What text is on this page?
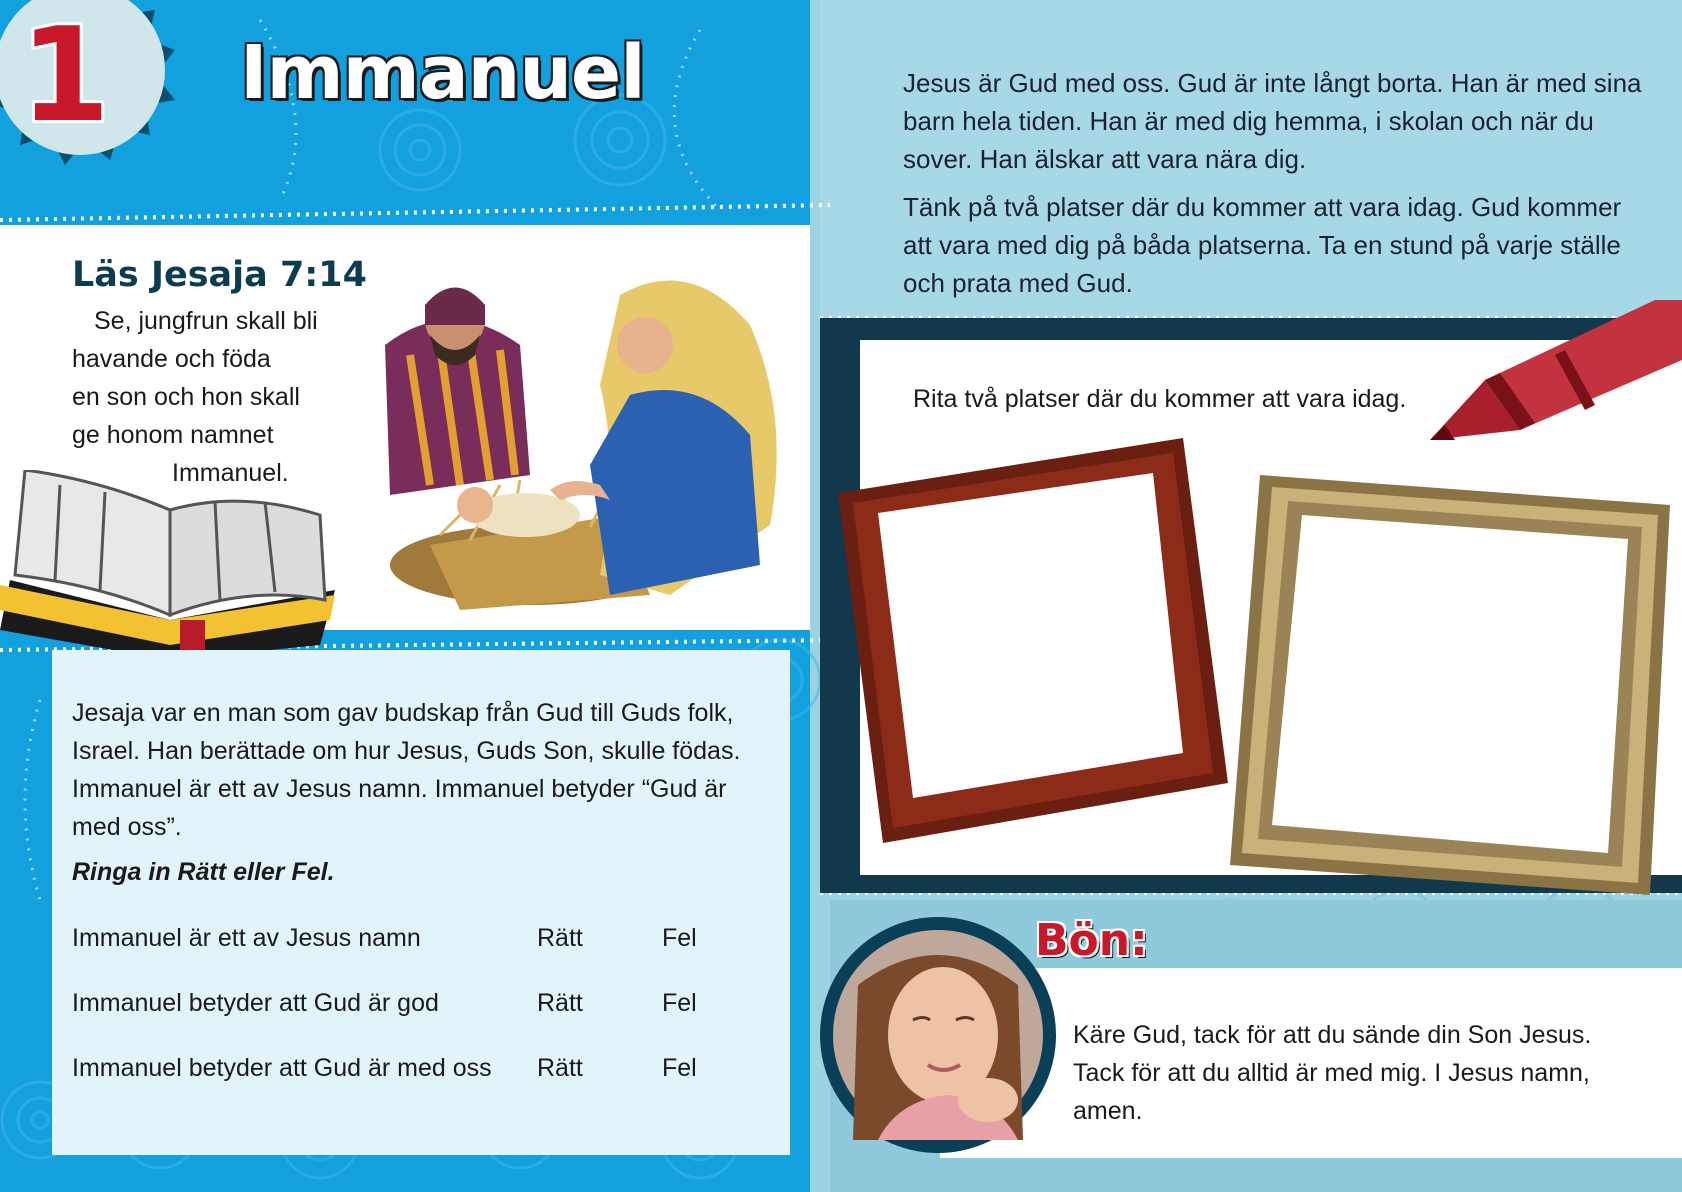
1 Immanuel	Jesus är Gud med oss. Gud är inte långt borta. Han är med sina barn hela tiden. Han är med dig hemma, i skolan och när du sover. Han älskar att vara nära dig.

Tänk på två platser där du kommer att vara idag. Gud kommer att vara med dig på båda platserna. Ta en stund på varje ställe och prata med Gud.

Läs Jesaja 7:14
Se, jungfrun skall bli
havande och föda
en son och hon skall
ge honom namnet
Immanuel.
Jesaja var en man som gav budskap från Gud till Guds folk, Israel. Han berättade om hur Jesus, Guds Son, skulle födas. Immanuel är ett av Jesus namn. Immanuel betyder “Gud är med oss”.
Ringa in Rätt eller Fel.
Immanuel är ett av Jesus namn	Rätt	Fel
Immanuel betyder att Gud är god	Rätt	Fel
Immanuel betyder att Gud är med oss Rätt	Fel
Rita två platser där du kommer att vara idag.
Bön:
Käre Gud, tack för att du sände din Son Jesus. Tack för att du alltid är med mig. I Jesus namn, amen.
